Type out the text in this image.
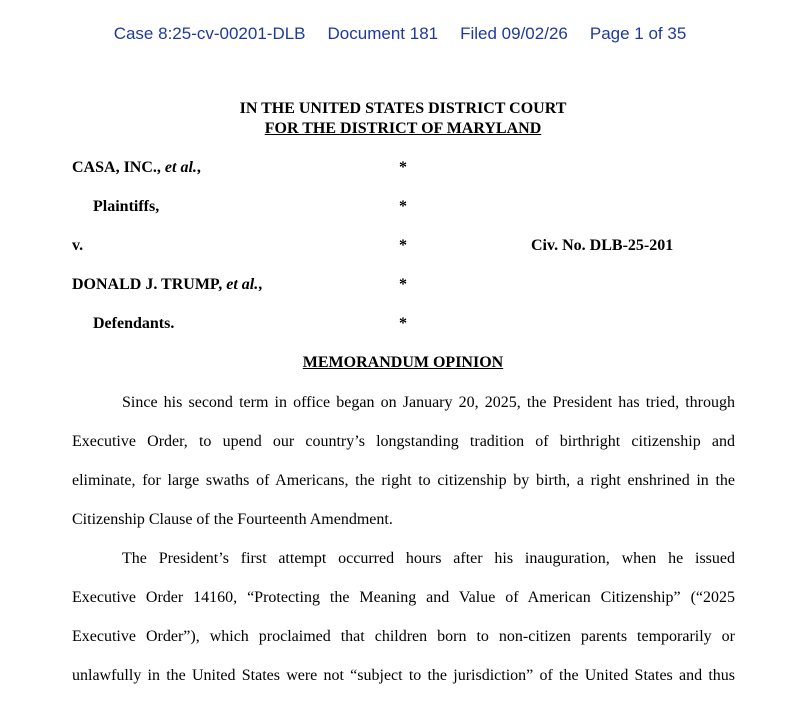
Case 8:25-cv-00201-DLB Document 181 Filed 09/02/26 Page 1 of 35
IN THE UNITED STATES DISTRICT COURT
FOR THE DISTRICT OF MARYLAND
CASA, INC., et al.,	*
Plaintiffs,	*
v.	*	Civ. No. DLB-25-201
DONALD J. TRUMP, et al.,	*
Defendants.	*
MEMORANDUM OPINION
Since his second term in office began on January 20, 2025, the President has tried, through
Executive Order, to upend our country’s longstanding tradition of birthright citizenship and
eliminate, for large swaths of Americans, the right to citizenship by birth, a right enshrined in the
Citizenship Clause of the Fourteenth Amendment.
The President’s first attempt occurred hours after his inauguration, when he issued
Executive Order 14160, “Protecting the Meaning and Value of American Citizenship” (“2025
Executive Order”), which proclaimed that children born to non-citizen parents temporarily or
unlawfully in the United States were not “subject to the jurisdiction” of the United States and thus
